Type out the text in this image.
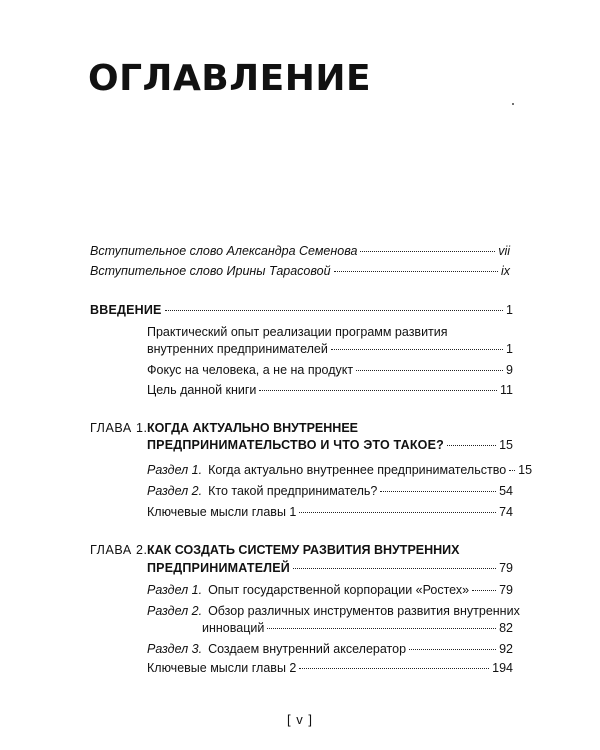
ОГЛАВЛЕНИЕ
Вступительное слово Александра Семенова	vii
Вступительное слово Ирины Тарасовой	ix
ВВЕДЕНИЕ	1
Практический опыт реализации программ развития
внутренних предпринимателей	1
Фокус на человека, а не на продукт	9
Цель данной книги	11
ГЛАВА 1. КОГДА АКТУАЛЬНО ВНУТРЕННЕЕ
ПРЕДПРИНИМАТЕЛЬСТВО И ЧТО ЭТО ТАКОЕ?	15
Раздел 1. Когда актуально внутреннее предпринимательство 15
Раздел 2. Кто такой предприниматель?	54
Ключевые мысли главы 1	74
ГЛАВА 2. КАК СОЗДАТЬ СИСТЕМУ РАЗВИТИЯ ВНУТРЕННИХ
ПРЕДПРИНИМАТЕЛЕЙ	79
Раздел 1. Опыт государственной корпорации «Ростех» 79
Раздел 2. Обзор различных инструментов развития внутренних
инноваций	82
Раздел 3. Создаем внутренний акселератор	92
Ключевые мысли главы 2	194
[ v ]
